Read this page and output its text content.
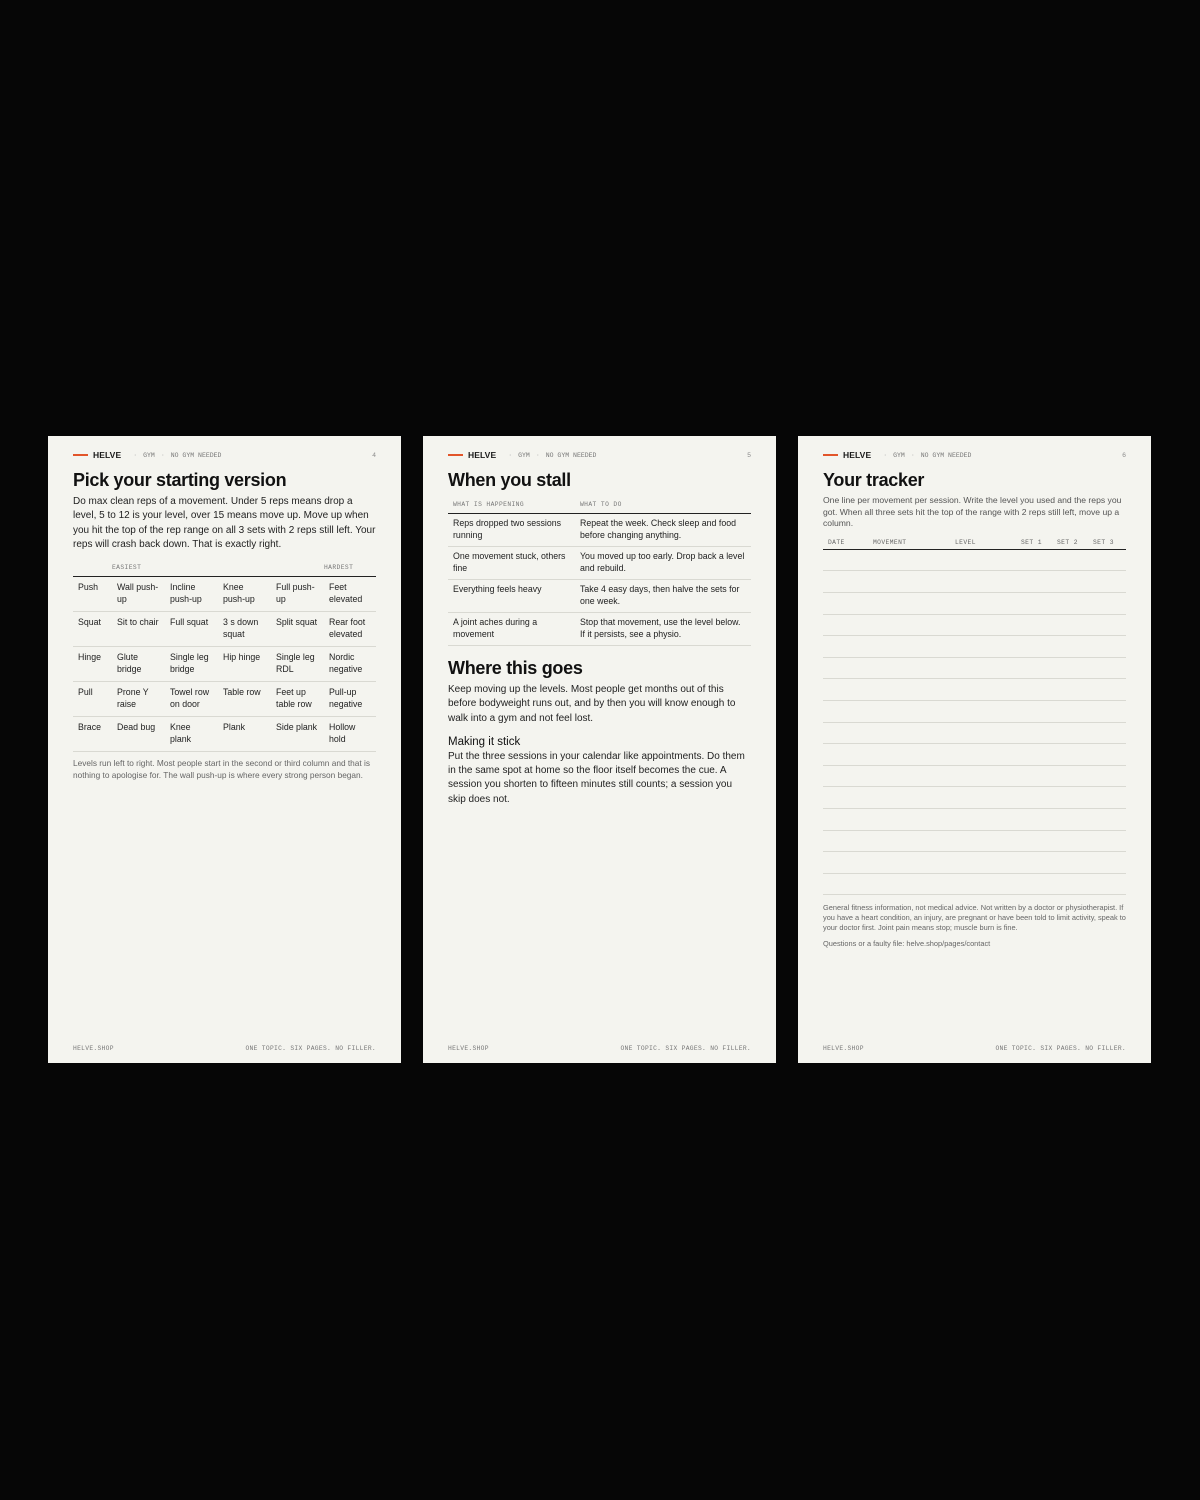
HELVE · GYM · NO GYM NEEDED	4
Pick your starting version

Do max clean reps of a movement. Under 5 reps means drop a level, 5 to 12 is your level, over 15 means move up. Move up when you hit the top of the rep range on all 3 sets with 2 reps still left. Your reps will crash back down. That is exactly right.

	EASIEST				HARDEST
Push	Wall push-up	Incline push-up	Knee push-up	Full push-up	Feet elevated
Squat	Sit to chair	Full squat	3 s down squat	Split squat	Rear foot elevated
Hinge	Glute bridge	Single leg bridge	Hip hinge	Single leg RDL	Nordic negative
Pull	Prone Y raise	Towel row on door	Table row	Feet up table row	Pull-up negative
Brace	Dead bug	Knee plank	Plank	Side plank	Hollow hold

Levels run left to right. Most people start in the second or third column and that is nothing to apologise for. The wall push-up is where every strong person began.

HELVE.SHOP	ONE TOPIC. SIX PAGES. NO FILLER.
HELVE · GYM · NO GYM NEEDED	5
When you stall
WHAT IS HAPPENING	WHAT TO DO
Reps dropped two sessions running	Repeat the week. Check sleep and food before changing anything.
One movement stuck, others fine	You moved up too early. Drop back a level and rebuild.
Everything feels heavy	Take 4 easy days, then halve the sets for one week.
A joint aches during a movement	Stop that movement, use the level below. If it persists, see a physio.
Where this goes

Keep moving up the levels. Most people get months out of this before bodyweight runs out, and by then you will know enough to walk into a gym and not feel lost.

Making it stick

Put the three sessions in your calendar like appointments. Do them in the same spot at home so the floor itself becomes the cue. A session you shorten to fifteen minutes still counts; a session you skip does not.

HELVE.SHOP	ONE TOPIC. SIX PAGES. NO FILLER.
HELVE · GYM · NO GYM NEEDED	6
Your tracker

One line per movement per session. Write the level you used and the reps you got. When all three sets hit the top of the range with 2 reps still left, move up a column.

DATE	MOVEMENT	LEVEL	SET 1	SET 2	SET 3

General fitness information, not medical advice. Not written by a doctor or physiotherapist. If you have a heart condition, an injury, are pregnant or have been told to limit activity, speak to your doctor first. Joint pain means stop; muscle burn is fine.

Questions or a faulty file: helve.shop/pages/contact

HELVE.SHOP	ONE TOPIC. SIX PAGES. NO FILLER.
